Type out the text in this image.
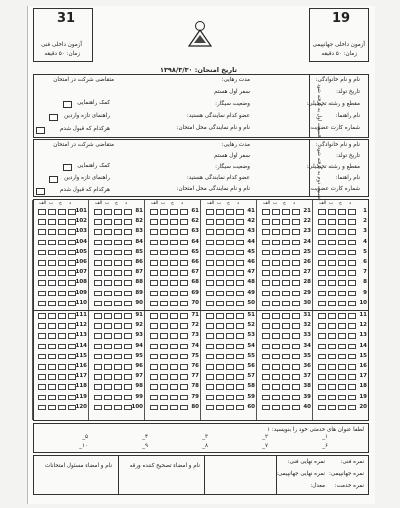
31
آزمون داخلی فنی
زمان: ۵۰ دقیقه
19
آزمون داخلی جهانپیمی
زمان: ۵۰ دقیقه
تاریخ امتحان: ۱۳۹۸/۳/۳۰
قسمت اول به گرفته شود
نام و نام خانوادگی:
تاریخ تولد:
مقطع و رشته تحصیلی:
نام راهنما:
شماره کارت عضویت:
مدت رهایی:
سفر اول هستم
وضعیت سیگار:
عضو کدام نمایندگی هستید:
نام و نام نمایندگی محل امتحان:
متقاضی شرکت در امتحان
کمک راهنمایی
راهنمای تازه واردین
هرکدام که قبول شدم
قسمت دوم به گرفته شود
نام و نام خانوادگی:
تاریخ تولد:
مقطع و رشته تحصیلی:
نام راهنما:
شماره کارت عضویت:
مدت رهایی:
سفر اول هستم
وضعیت سیگار:
عضو کدام نمایندگی هستید:
نام و نام نمایندگی محل امتحان:
متقاضی شرکت در امتحان
کمک راهنمایی
راهنمای تازه واردین
هرکدام که قبول شدم
الف ب ج د
1
2
3
4
5
6
7
8
9
10
11
12
13
14
15
16
17
18
19
20
الف ب ج د
21
22
23
24
25
26
27
28
29
30
31
32
33
34
35
36
37
38
39
40
الف ب ج د
41
42
43
44
45
46
47
48
49
50
51
52
53
54
55
56
57
58
59
60
الف ب ج د
61
62
63
64
65
66
67
68
69
70
71
72
73
74
75
76
77
78
79
80
الف ب ج د
81
82
83
84
85
86
87
88
89
90
91
92
93
94
95
96
97
98
99
100
الف ب ج د
101
102
103
104
105
106
107
108
109
110
111
112
113
114
115
116
117
118
119
120
لطفا عنوان های خدمتی خود را بنویسید: ۱
۱_
۲_
۳_
۴_
۵_
۶_
۷_
۸_
۹_
۱۰_
نام و امضاء مسئول امتحانات	نام و امضاء تصحیح کننده ورقه
نمره نهایی فنی:
نمره نهایی جهانپیمی:
معدل:
نمره فنی:
نمره جهانپیمی:
نمره خدمت:
